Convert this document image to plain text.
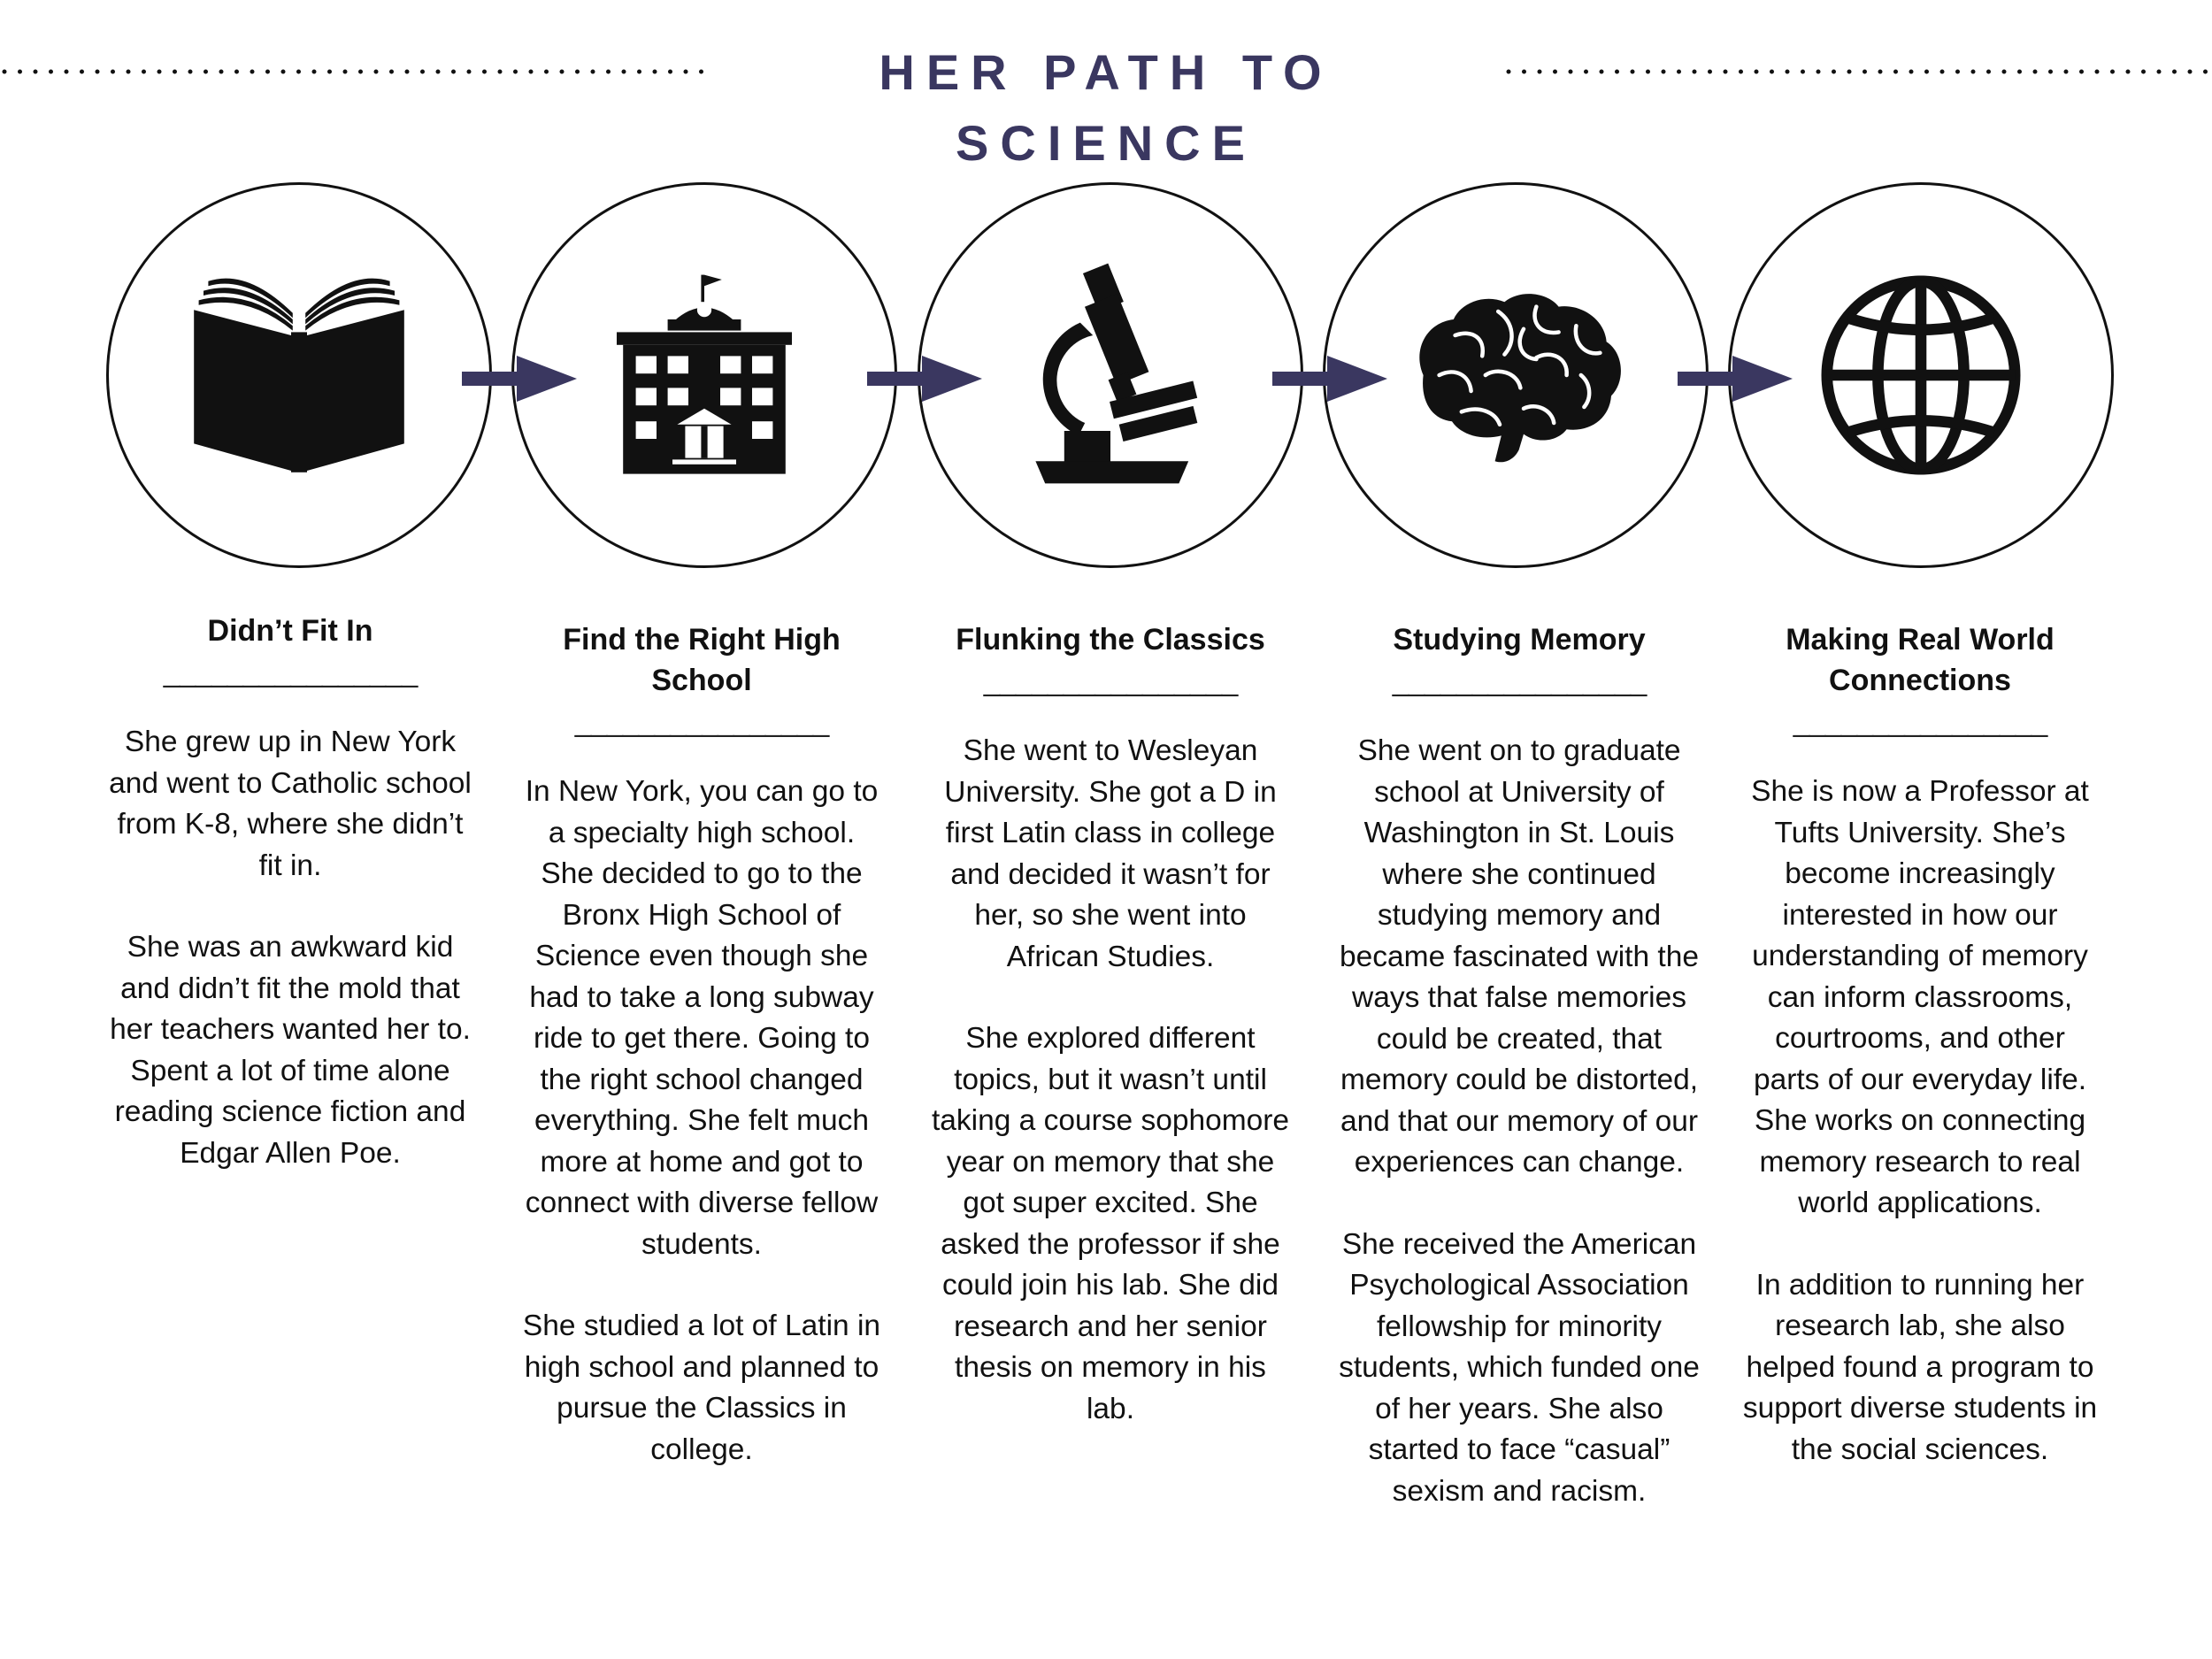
HER PATH TO SCIENCE
Didn’t Fit In
________________

She grew up in New York and went to Catholic school from K-8, where she didn’t fit in.

She was an awkward kid and didn’t fit the mold that her teachers wanted her to. Spent a lot of time alone reading science fiction and Edgar Allen Poe.

Find the Right High School
________________

In New York, you can go to a specialty high school. She decided to go to the Bronx High School of Science even though she had to take a long subway ride to get there. Going to the right school changed everything. She felt much more at home and got to connect with diverse fellow students.

She studied a lot of Latin in high school and planned to pursue the Classics in college.

Flunking the Classics
________________

She went to Wesleyan University. She got a D in first Latin class in college and decided it wasn’t for her, so she went into African Studies.

She explored different topics, but it wasn’t until taking a course sophomore year on memory that she got super excited. She asked the professor if she could join his lab. She did research and her senior thesis on memory in his lab.

Studying Memory
________________

She went on to graduate school at University of Washington in St. Louis where she continued studying memory and became fascinated with the ways that false memories could be created, that memory could be distorted, and that our memory of our experiences can change.

She received the American Psychological Association fellowship for minority students, which funded one of her years. She also started to face “casual” sexism and racism.

Making Real World Connections
________________

She is now a Professor at Tufts University. She’s become increasingly interested in how our understanding of memory can inform classrooms, courtrooms, and other parts of our everyday life. She works on connecting memory research to real world applications.

In addition to running her research lab, she also helped found a program to support diverse students in the social sciences.
